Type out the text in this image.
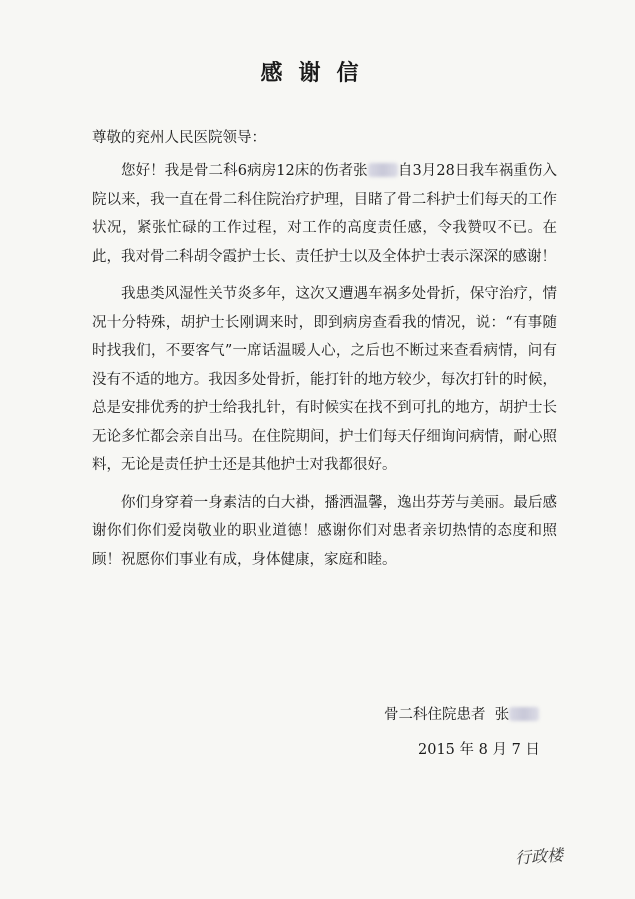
感谢信
尊敬的兖州人民医院领导：

您好！我是骨二科6病房12床的伤者张 自3月28日我车祸重伤入院以来，我一直在骨二科住院治疗护理，目睹了骨二科护士们每天的工作状况，紧张忙碌的工作过程，对工作的高度责任感，令我赞叹不已。在此，我对骨二科胡令霞护士长、责任护士以及全体护士表示深深的感谢！

我患类风湿性关节炎多年，这次又遭遇车祸多处骨折，保守治疗，情况十分特殊，胡护士长刚调来时，即到病房查看我的情况，说：“有事随时找我们，不要客气”一席话温暖人心，之后也不断过来查看病情，问有没有不适的地方。我因多处骨折，能打针的地方较少，每次打针的时候，总是安排优秀的护士给我扎针，有时候实在找不到可扎的地方，胡护士长无论多忙都会亲自出马。在住院期间，护士们每天仔细询问病情，耐心照料，无论是责任护士还是其他护士对我都很好。

你们身穿着一身素洁的白大褂，播洒温馨，逸出芬芳与美丽。最后感谢你们你们爱岗敬业的职业道德！感谢你们对患者亲切热情的态度和照顾！祝愿你们事业有成，身体健康，家庭和睦。

骨二科住院患者  张
2015 年 8 月 7 日
行政楼
